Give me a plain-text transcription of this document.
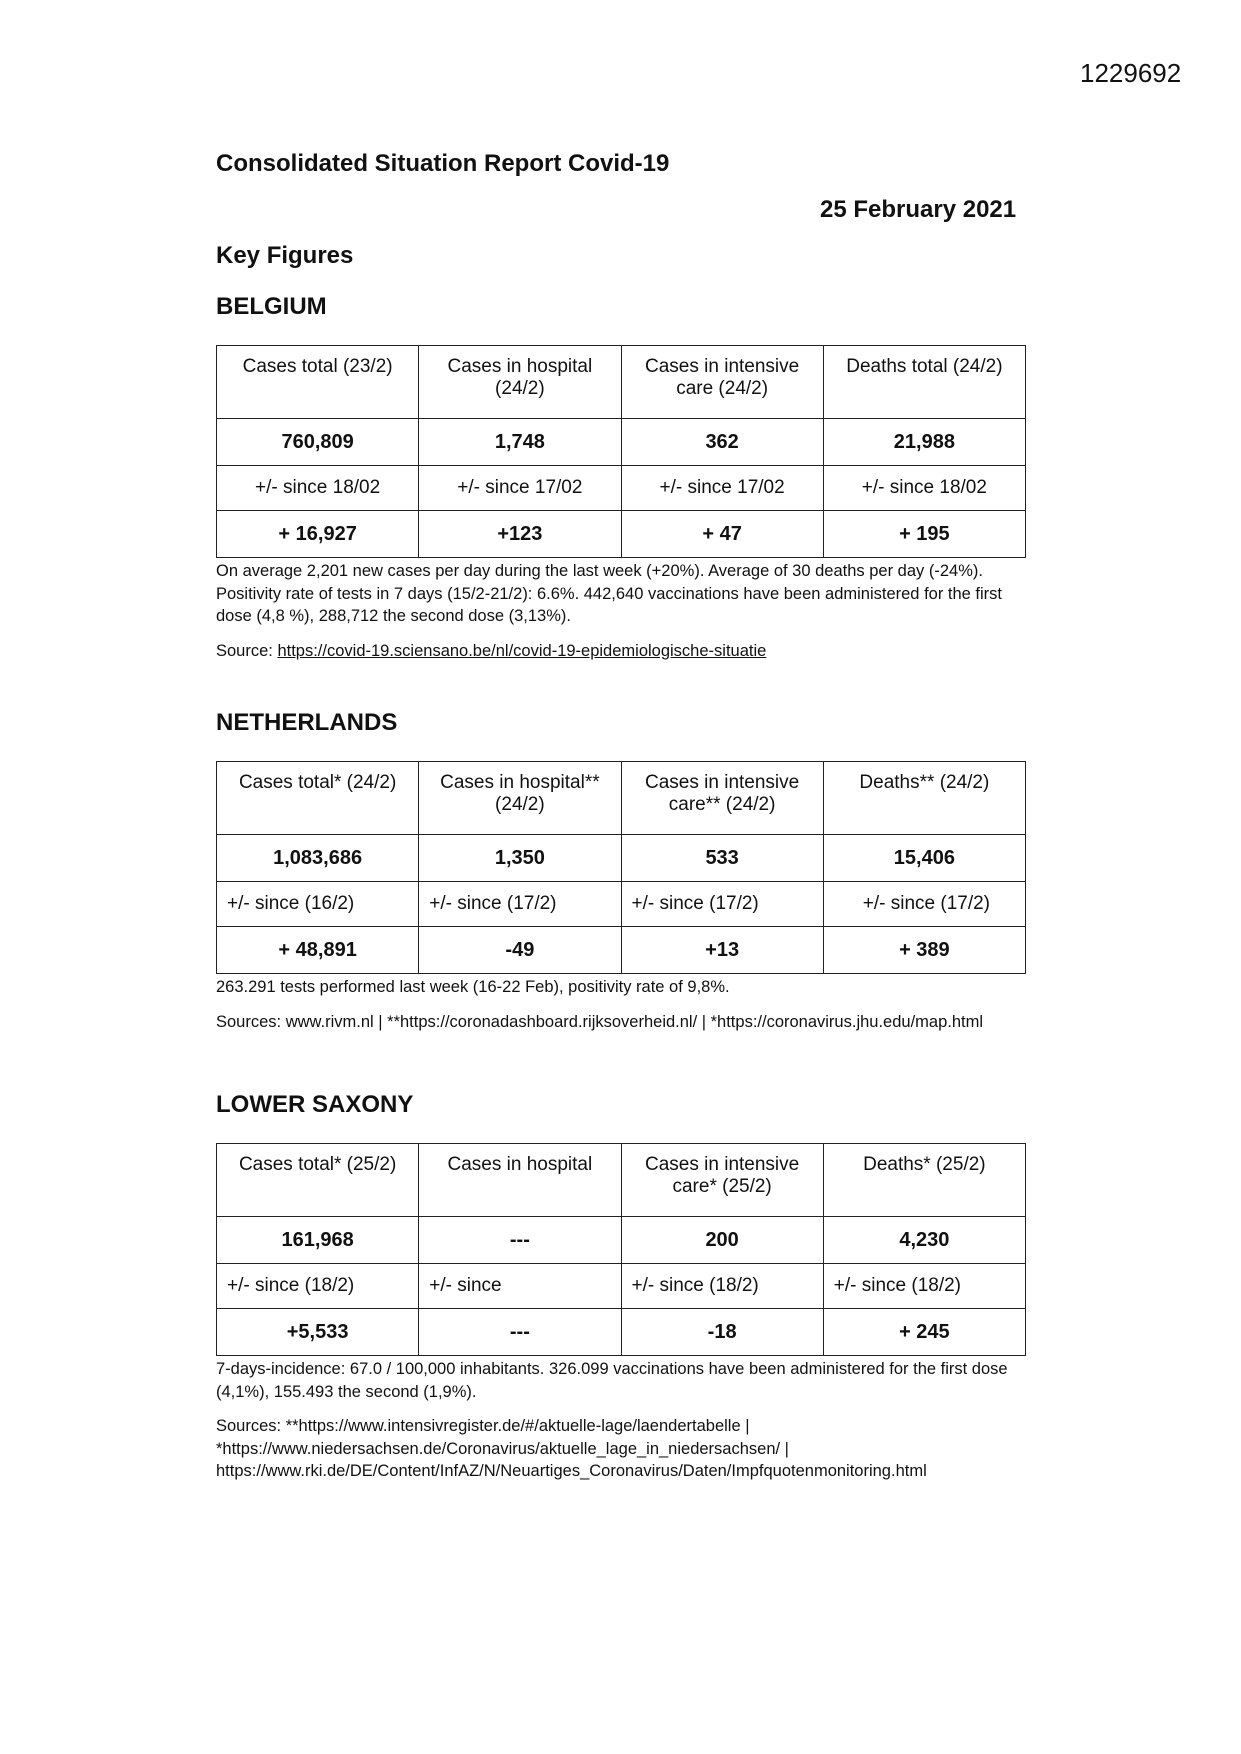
1229692
Consolidated Situation Report Covid-19
25 February 2021
Key Figures
BELGIUM
Cases total (23/2)	Cases in hospital (24/2)	Cases in intensive care (24/2)	Deaths total (24/2)
760,809	1,748	362	21,988
+/- since 18/02	+/- since 17/02	+/- since 17/02	+/- since 18/02
+ 16,927	+123	+ 47	+ 195

On average 2,201 new cases per day during the last week (+20%). Average of 30 deaths per day (-24%). Positivity rate of tests in 7 days (15/2-21/2): 6.6%. 442,640 vaccinations have been administered for the first dose (4,8 %), 288,712 the second dose (3,13%).

Source: https://covid-19.sciensano.be/nl/covid-19-epidemiologische-situatie

NETHERLANDS
Cases total* (24/2)	Cases in hospital** (24/2)	Cases in intensive care** (24/2)	Deaths** (24/2)
1,083,686	1,350	533	15,406
+/- since (16/2)	+/- since (17/2)	+/- since (17/2)	+/- since (17/2)
+ 48,891	-49	+13	+ 389

263.291 tests performed last week (16-22 Feb), positivity rate of 9,8%.

Sources: www.rivm.nl | **https://coronadashboard.rijksoverheid.nl/ | *https://coronavirus.jhu.edu/map.html

LOWER SAXONY
Cases total* (25/2)	Cases in hospital	Cases in intensive care* (25/2)	Deaths* (25/2)
161,968	---	200	4,230
+/- since (18/2)	+/- since	+/- since (18/2)	+/- since (18/2)
+5,533	---	-18	+ 245

7-days-incidence: 67.0 / 100,000 inhabitants. 326.099 vaccinations have been administered for the first dose (4,1%), 155.493 the second (1,9%).

Sources: **https://www.intensivregister.de/#/aktuelle-lage/laendertabelle |
*https://www.niedersachsen.de/Coronavirus/aktuelle_lage_in_niedersachsen/ |
https://www.rki.de/DE/Content/InfAZ/N/Neuartiges_Coronavirus/Daten/Impfquotenmonitoring.html
